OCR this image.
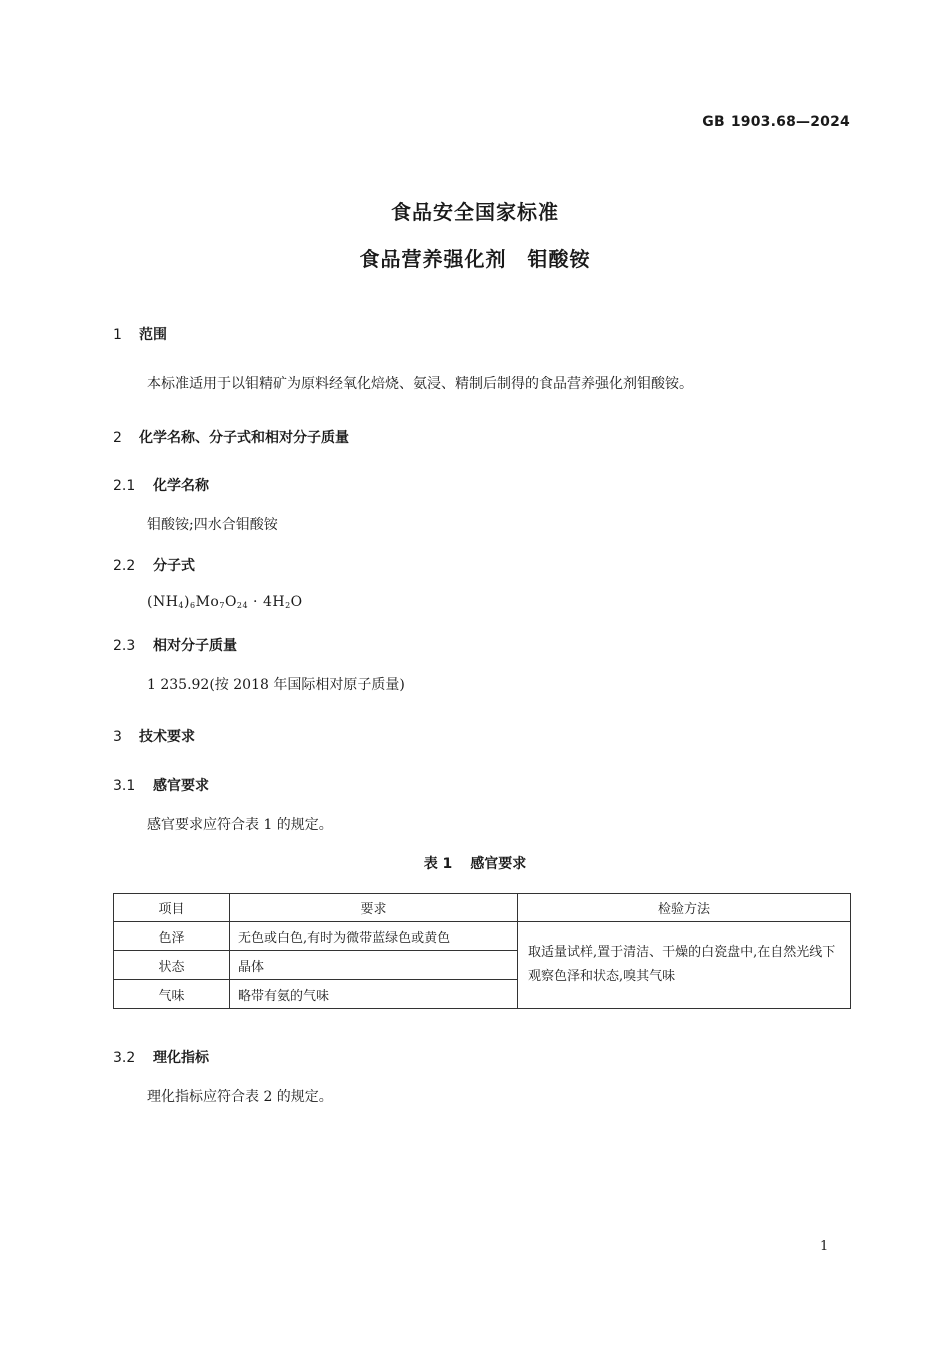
GB 1903.68—2024
食品安全国家标准
食品营养强化剂　钼酸铵
1 范围
本标准适用于以钼精矿为原料经氧化焙烧、氨浸、精制后制得的食品营养强化剂钼酸铵。
2 化学名称、分子式和相对分子质量
2.1 化学名称
钼酸铵;四水合钼酸铵
2.2 分子式
$(NH_4)_6Mo_7O_{24} \cdot 4H_2O$
2.3 相对分子质量
1 235.92(按 2018 年国际相对原子质量)
3 技术要求
3.1 感官要求
感官要求应符合表 1 的规定。
表 1 感官要求
项目	要求	检验方法
色泽	无色或白色,有时为微带蓝绿色或黄色	取适量试样,置于清洁、干燥的白瓷盘中,在自然光线下观察色泽和状态,嗅其气味
状态	晶体	
气味	略带有氨的气味	
3.2 理化指标
理化指标应符合表 2 的规定。
1
